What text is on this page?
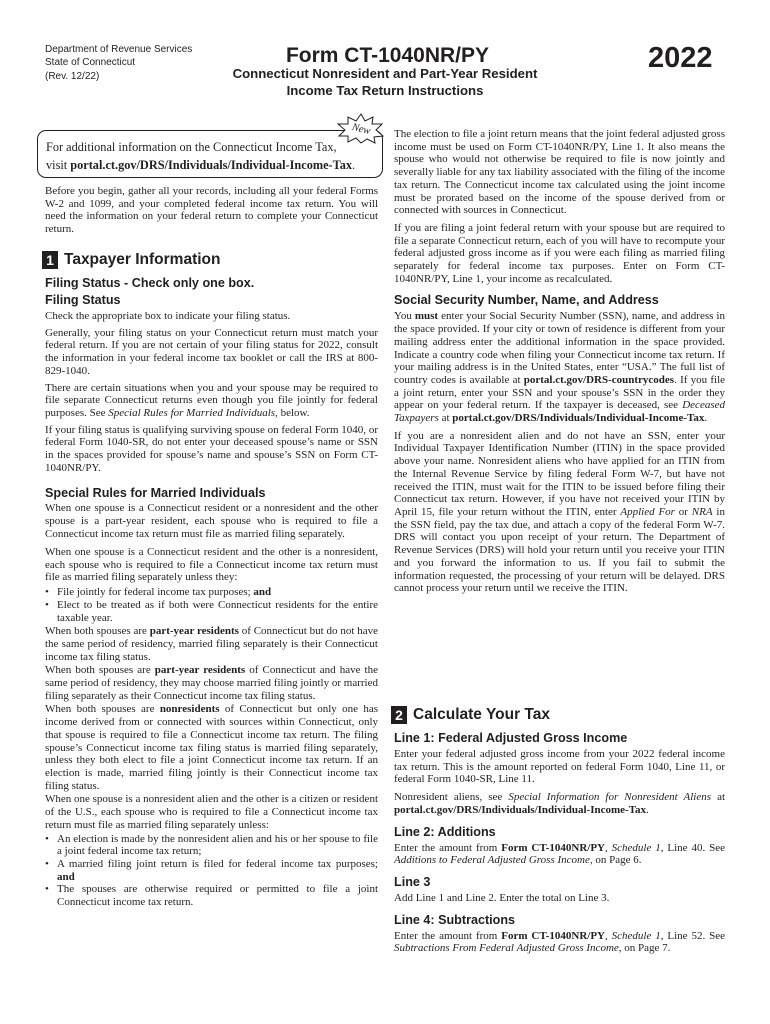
Department of Revenue Services
State of Connecticut
(Rev. 12/22)
Form CT-1040NR/PY
Connecticut Nonresident and Part-Year Resident
Income Tax Return Instructions
2022
For additional information on the Connecticut Income Tax,
visit portal.ct.gov/DRS/Individuals/Individual-Income-Tax.
New

Before you begin, gather all your records, including all your federal Forms W-2 and 1099, and your completed federal income tax return. You will need the information on your federal return to complete your Connecticut return.

1 Taxpayer Information
Filing Status - Check only one box.
Filing Status

Check the appropriate box to indicate your filing status.

Generally, your filing status on your Connecticut return must match your federal return. If you are not certain of your filing status for 2022, consult the information in your federal income tax booklet or call the IRS at 800-829-1040.

There are certain situations when you and your spouse may be required to file separate Connecticut returns even though you file jointly for federal purposes. See Special Rules for Married Individuals, below.

If your filing status is qualifying surviving spouse on federal Form 1040, or federal Form 1040-SR, do not enter your deceased spouse’s name or SSN in the spaces provided for spouse’s name and spouse’s SSN on Form CT-1040NR/PY.

Special Rules for Married Individuals

When one spouse is a Connecticut resident or a nonresident and the other spouse is a part-year resident, each spouse who is required to file a Connecticut income tax return must file as married filing separately.

When one spouse is a Connecticut resident and the other is a nonresident, each spouse who is required to file a Connecticut income tax return must file as married filing separately unless they:

• File jointly for federal income tax purposes; and
• Elect to be treated as if both were Connecticut residents for the entire taxable year.

When both spouses are part-year residents of Connecticut but do not have the same period of residency, married filing separately is their Connecticut income tax filing status.

When both spouses are part-year residents of Connecticut and have the same period of residency, they may choose married filing jointly or married filing separately as their Connecticut income tax filing status.

When both spouses are nonresidents of Connecticut but only one has income derived from or connected with sources within Connecticut, only that spouse is required to file a Connecticut income tax return. The filing spouse’s Connecticut income tax filing status is married filing separately, unless they both elect to file a joint Connecticut income tax return. If an election is made, married filing jointly is their Connecticut income tax filing status.

When one spouse is a nonresident alien and the other is a citizen or resident of the U.S., each spouse who is required to file a Connecticut income tax return must file as married filing separately unless:

• An election is made by the nonresident alien and his or her spouse to file a joint federal income tax return;
• A married filing joint return is filed for federal income tax purposes; and
• The spouses are otherwise required or permitted to file a joint Connecticut income tax return.

The election to file a joint return means that the joint federal adjusted gross income must be used on Form CT-1040NR/PY, Line 1. It also means the spouse who would not otherwise be required to file is now jointly and severally liable for any tax liability associated with the filing of the income tax return. The Connecticut income tax calculated using the joint income must be prorated based on the income of the spouse derived from or connected with sources in Connecticut.

If you are filing a joint federal return with your spouse but are required to file a separate Connecticut return, each of you will have to recompute your federal adjusted gross income as if you were each filing as married filing separately for federal income tax purposes. Enter on Form CT-1040NR/PY, Line 1, your income as recalculated.

Social Security Number, Name, and Address

You must enter your Social Security Number (SSN), name, and address in the space provided. If your city or town of residence is different from your mailing address enter the additional information in the space provided. Indicate a country code when filing your Connecticut income tax return. If your mailing address is in the United States, enter “USA.” The full list of country codes is available at portal.ct.gov/DRS-countrycodes. If you file a joint return, enter your SSN and your spouse’s SSN in the order they appear on your federal return. If the taxpayer is deceased, see Deceased Taxpayers at portal.ct.gov/DRS/Individuals/Individual-Income-Tax.

If you are a nonresident alien and do not have an SSN, enter your Individual Taxpayer Identification Number (ITIN) in the space provided above your name. Nonresident aliens who have applied for an ITIN from the Internal Revenue Service by filing federal Form W-7, but have not received the ITIN, must wait for the ITIN to be issued before filing their Connecticut tax return. However, if you have not received your ITIN by April 15, file your return without the ITIN, enter Applied For or NRA in the SSN field, pay the tax due, and attach a copy of the federal Form W-7. DRS will contact you upon receipt of your return. The Department of Revenue Services (DRS) will hold your return until you receive your ITIN and you forward the information to us. If you fail to submit the information requested, the processing of your return will be delayed. DRS cannot process your return until we receive the ITIN.

2 Calculate Your Tax
Line 1: Federal Adjusted Gross Income

Enter your federal adjusted gross income from your 2022 federal income tax return. This is the amount reported on federal Form 1040, Line 11, or federal Form 1040-SR, Line 11.

Nonresident aliens, see Special Information for Nonresident Aliens at portal.ct.gov/DRS/Individuals/Individual-Income-Tax.

Line 2: Additions

Enter the amount from Form CT-1040NR/PY, Schedule 1, Line 40. See Additions to Federal Adjusted Gross Income, on Page 6.

Line 3

Add Line 1 and Line 2. Enter the total on Line 3.

Line 4: Subtractions

Enter the amount from Form CT-1040NR/PY, Schedule 1, Line 52. See Subtractions From Federal Adjusted Gross Income, on Page 7.
